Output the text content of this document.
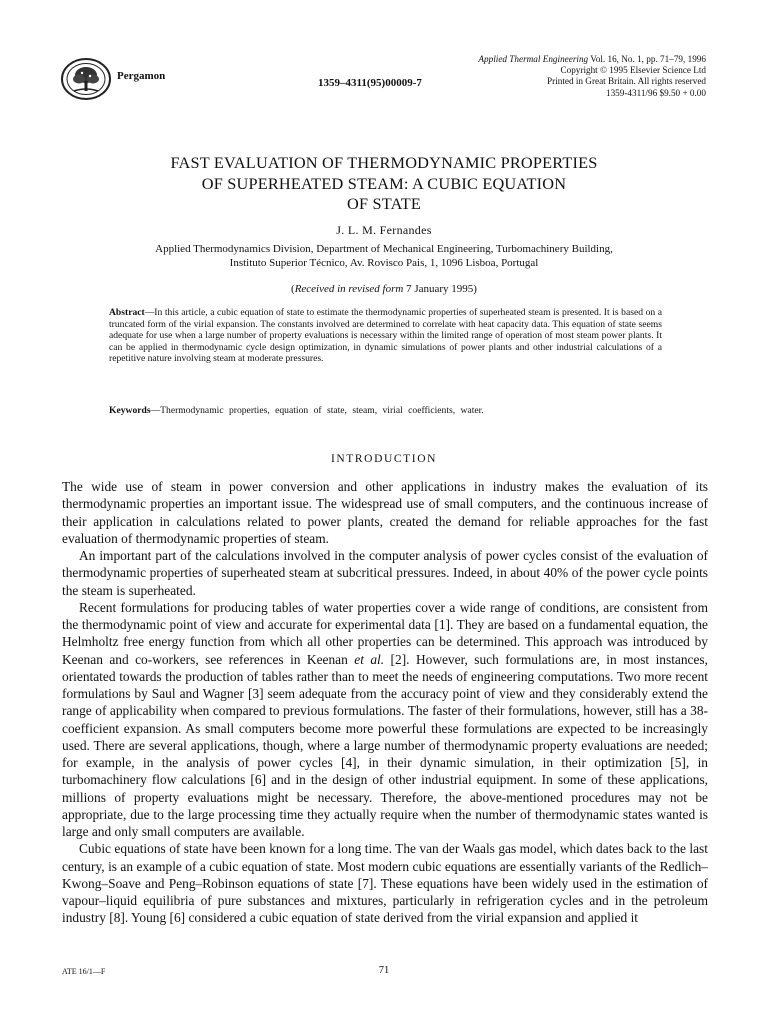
Pergamon
1359–4311(95)00009-7
Applied Thermal Engineering Vol. 16, No. 1, pp. 71–79, 1996
Copyright © 1995 Elsevier Science Ltd
Printed in Great Britain. All rights reserved
1359-4311/96 $9.50 + 0.00
FAST EVALUATION OF THERMODYNAMIC PROPERTIES
OF SUPERHEATED STEAM: A CUBIC EQUATION
OF STATE
J. L. M. Fernandes
Applied Thermodynamics Division, Department of Mechanical Engineering, Turbomachinery Building,
Instituto Superior Técnico, Av. Rovisco Pais, 1, 1096 Lisboa, Portugal
(Received in revised form 7 January 1995)
Abstract—In this article, a cubic equation of state to estimate the thermodynamic properties of superheated steam is presented. It is based on a truncated form of the virial expansion. The constants involved are determined to correlate with heat capacity data. This equation of state seems adequate for use when a large number of property evaluations is necessary within the limited range of operation of most steam power plants. It can be applied in thermodynamic cycle design optimization, in dynamic simulations of power plants and other industrial calculations of a repetitive nature involving steam at moderate pressures.
Keywords—Thermodynamic properties, equation of state, steam, virial coefficients, water.
INTRODUCTION

The wide use of steam in power conversion and other applications in industry makes the evaluation of its thermodynamic properties an important issue. The widespread use of small computers, and the continuous increase of their application in calculations related to power plants, created the demand for reliable approaches for the fast evaluation of thermodynamic properties of steam.

An important part of the calculations involved in the computer analysis of power cycles consist of the evaluation of thermodynamic properties of superheated steam at subcritical pressures. Indeed, in about 40% of the power cycle points the steam is superheated.

Recent formulations for producing tables of water properties cover a wide range of conditions, are consistent from the thermodynamic point of view and accurate for experimental data [1]. They are based on a fundamental equation, the Helmholtz free energy function from which all other properties can be determined. This approach was introduced by Keenan and co-workers, see references in Keenan et al. [2]. However, such formulations are, in most instances, orientated towards the production of tables rather than to meet the needs of engineering computations. Two more recent formulations by Saul and Wagner [3] seem adequate from the accuracy point of view and they considerably extend the range of applicability when compared to previous formulations. The faster of their formulations, however, still has a 38-coefficient expansion. As small computers become more powerful these formulations are expected to be increasingly used. There are several applications, though, where a large number of thermodynamic property evaluations are needed; for example, in the analysis of power cycles [4], in their dynamic simulation, in their optimization [5], in turbomachinery flow calculations [6] and in the design of other industrial equipment. In some of these applications, millions of property evaluations might be necessary. Therefore, the above-mentioned procedures may not be appropriate, due to the large processing time they actually require when the number of thermodynamic states wanted is large and only small computers are available.

Cubic equations of state have been known for a long time. The van der Waals gas model, which dates back to the last century, is an example of a cubic equation of state. Most modern cubic equations are essentially variants of the Redlich–Kwong–Soave and Peng–Robinson equations of state [7]. These equations have been widely used in the estimation of vapour–liquid equilibria of pure substances and mixtures, particularly in refrigeration cycles and in the petroleum industry [8]. Young [6] considered a cubic equation of state derived from the virial expansion and applied it

ATE 16/1—F	71
